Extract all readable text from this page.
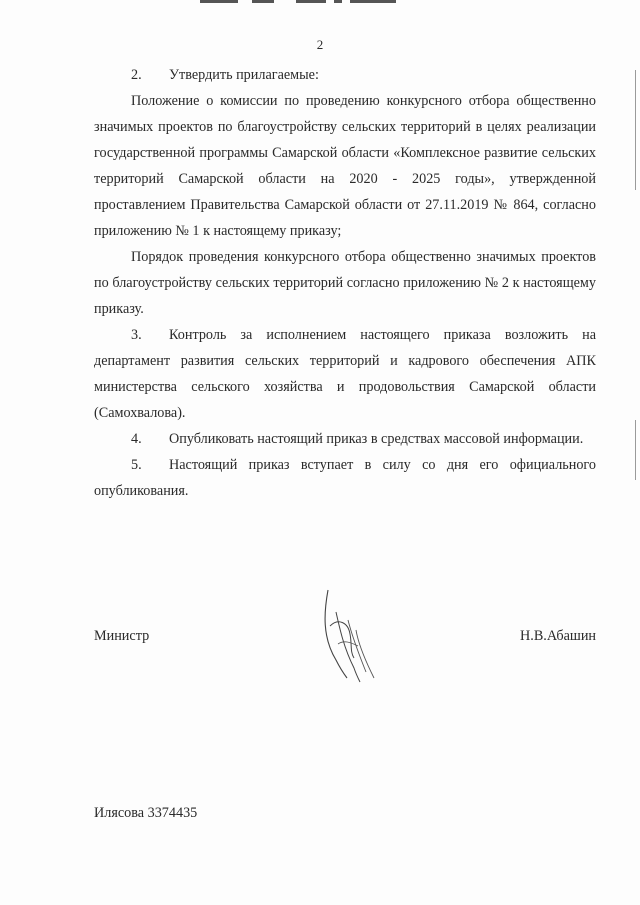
2

2. Утвердить прилагаемые:

Положение о комиссии по проведению конкурсного отбора общественно значимых проектов по благоустройству сельских территорий в целях реализации государственной программы Самарской области «Комплексное развитие сельских территорий Самарской области на 2020 - 2025 годы», утвержденной проставлением Правительства Самарской области от 27.11.2019 № 864, согласно приложению № 1 к настоящему приказу;

Порядок проведения конкурсного отбора общественно значимых проектов по благоустройству сельских территорий согласно приложению № 2 к настоящему приказу.

3. Контроль за исполнением настоящего приказа возложить на департамент развития сельских территорий и кадрового обеспечения АПК министерства сельского хозяйства и продовольствия Самарской области (Самохвалова).

4. Опубликовать настоящий приказ в средствах массовой информации.

5. Настоящий приказ вступает в силу со дня его официального опубликования.

Министр	Н.В.Абашин
Илясова 3374435
